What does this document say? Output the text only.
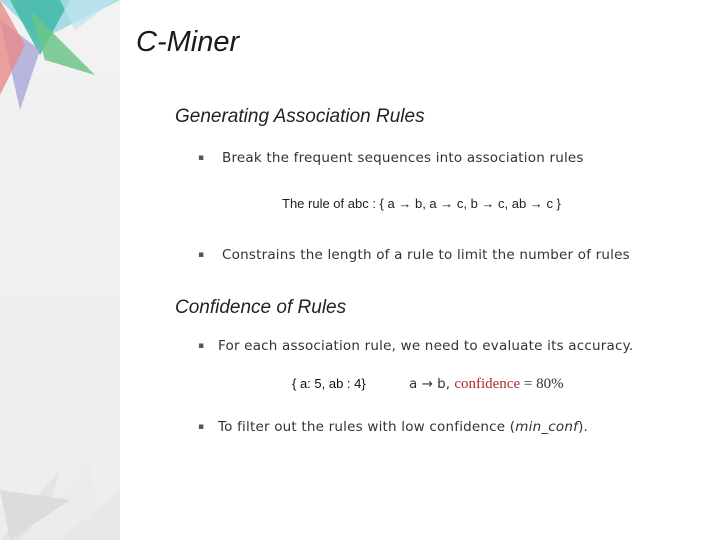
C-Miner
Generating Association Rules
▪ Break the frequent sequences into association rules
The rule of abc : { a → b, a → c, b → c, ab → c }
▪ Constrains the length of a rule to limit the number of rules
Confidence of Rules
▪ For each association rule, we need to evaluate its accuracy.
{ a: 5, ab : 4}	a → b, confidence = 80%
▪ To filter out the rules with low confidence (min_conf).
